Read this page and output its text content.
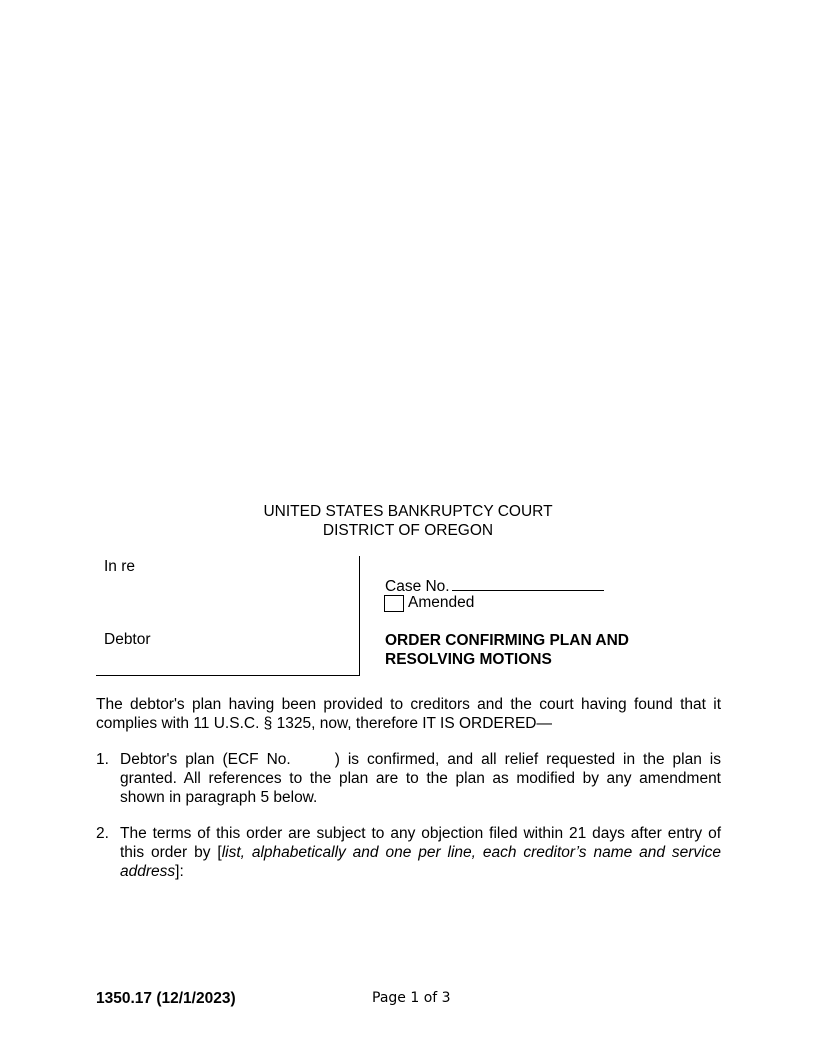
UNITED STATES BANKRUPTCY COURT
DISTRICT OF OREGON
In re
Debtor
Case No.
Amended
ORDER CONFIRMING PLAN AND
RESOLVING MOTIONS
The debtor's plan having been provided to creditors and the court having found that it complies with 11 U.S.C. § 1325, now, therefore IT IS ORDERED—
1. Debtor's plan (ECF No.	) is confirmed, and all relief requested in the plan is granted. All references to the plan are to the plan as modified by any amendment shown in paragraph 5 below.
2. The terms of this order are subject to any objection filed within 21 days after entry of this order by [list, alphabetically and one per line, each creditor’s name and service address]:
1350.17 (12/1/2023)	Page 1 of 3
